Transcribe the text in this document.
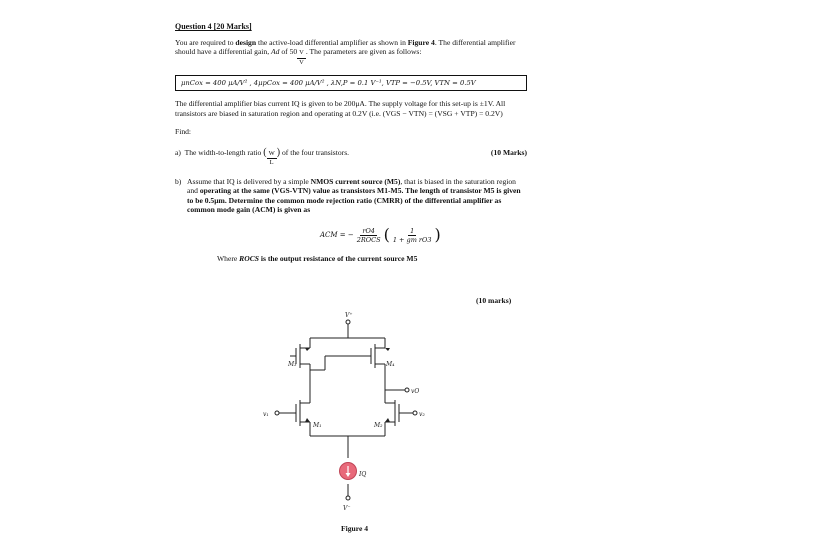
Question 4 [20 Marks]

You are required to design the active-load differential amplifier as shown in Figure 4. The differential amplifier should have a differential gain, Ad of $50 \frac{V}{V}$ . The parameters are given as follows:

μnCox = 400 μA/V² , 4μpCox = 400 μA/V² , λN,P = 0.1 V⁻¹, VTP = −0.5V, VTN = 0.5V

The differential amplifier bias current IQ is given to be 200μA. The supply voltage for this set-up is ±1V. All transistors are biased in saturation region and operating at 0.2V (i.e. (VGS − VTN) = (VSG + VTP) = 0.2V)

Find:

a) The width-to-length ratio ( $\frac{W}{L}$ ) of the four transistors.	(10 Marks)
b) Assume that IQ is delivered by a simple NMOS current source (M5), that is biased in the saturation region and operating at the same (VGS-VTN) value as transistors M1-M5. The length of transistor M5 is given to be 0.5μm. Determine the common mode rejection ratio (CMRR) of the differential amplifier as common mode gain (ACM) is given as

ACM = − $\frac{rO4}{\text{2ROCS}}$ ( $\frac{1}{\text{1 + gm rO3}}$ )

Where ROCS is the output resistance of the current source M5

(10 marks)
V⁺
V⁻
M₃	M₄
M₁	M₂
vO
v₁	v₂
IQ
Figure 4
